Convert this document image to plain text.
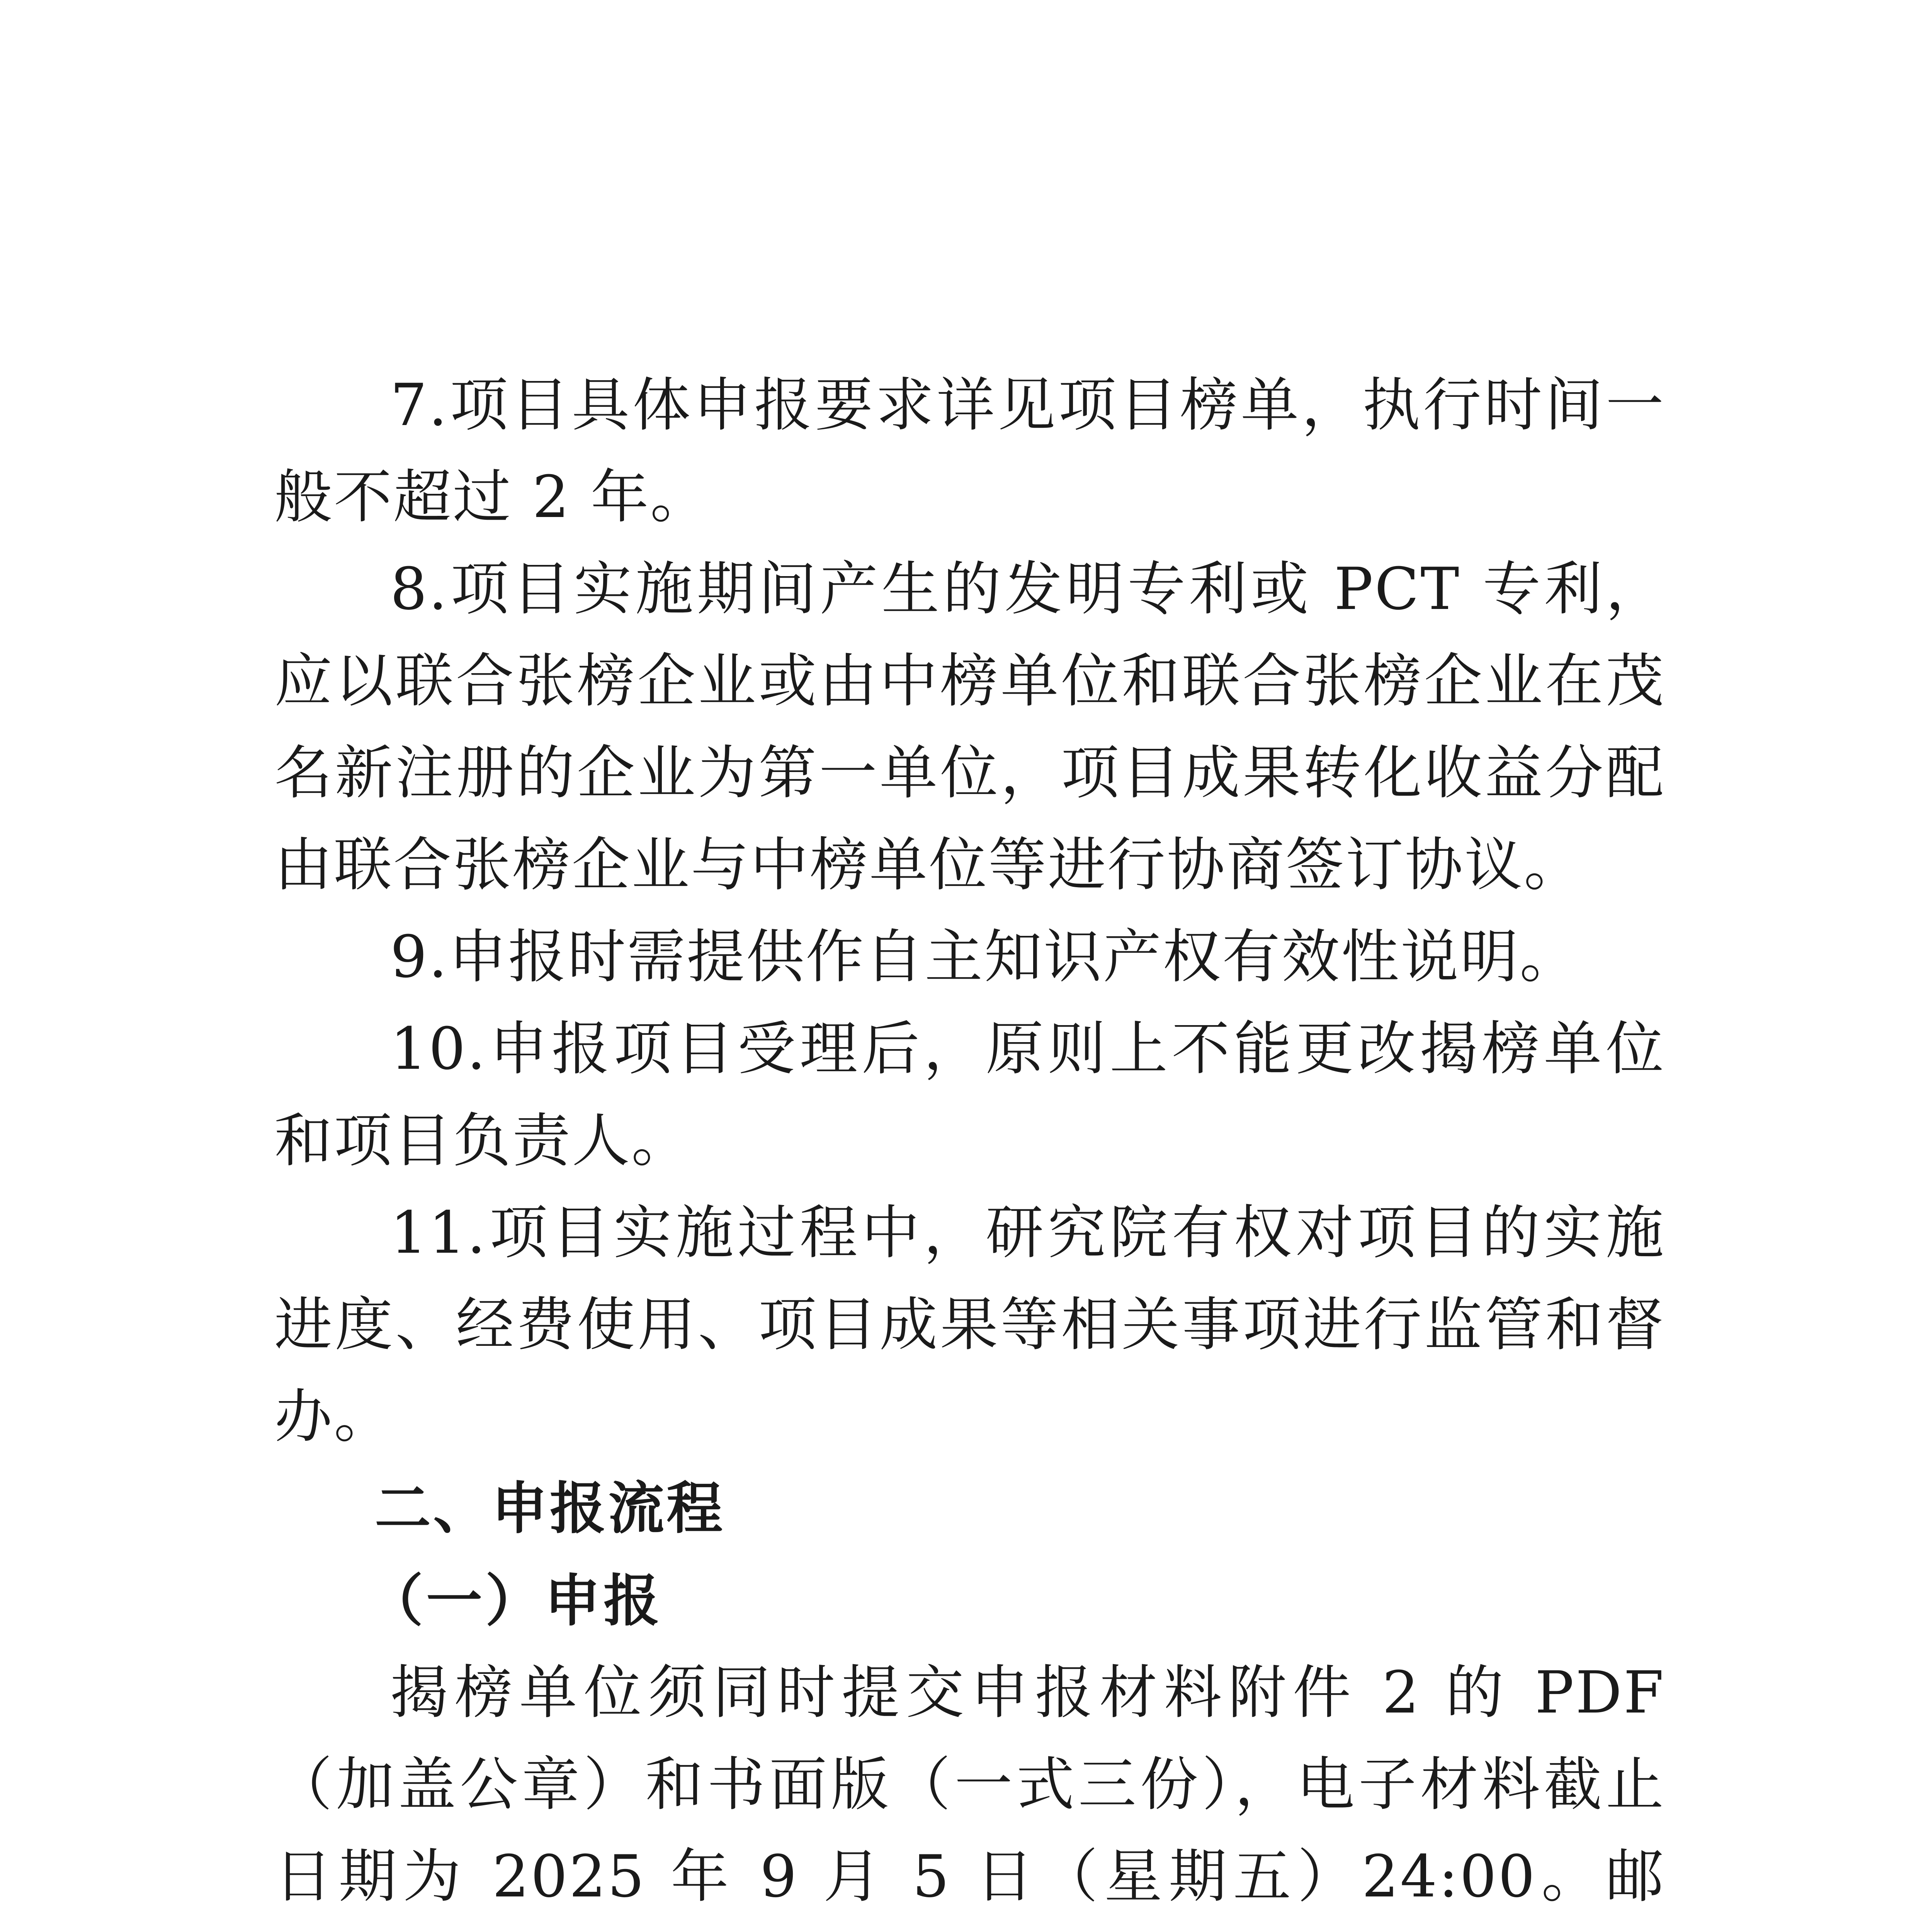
7.项目具体申报要求详见项目榜单，执行时间一般不超过 2 年。

8.项目实施期间产生的发明专利或 PCT 专利，应以联合张榜企业或由中榜单位和联合张榜企业在茂名新注册的企业为第一单位，项目成果转化收益分配由联合张榜企业与中榜单位等进行协商签订协议。

9.申报时需提供作自主知识产权有效性说明。

10.申报项目受理后，原则上不能更改揭榜单位和项目负责人。

11.项目实施过程中，研究院有权对项目的实施进度、经费使用、项目成果等相关事项进行监管和督办。

二、申报流程
（一）申报

揭榜单位须同时提交申报材料附件 2 的 PDF（加盖公章）和书面版（一式三份），电子材料截止日期为 2025 年 9 月 5 日（星期五）24:00。邮
